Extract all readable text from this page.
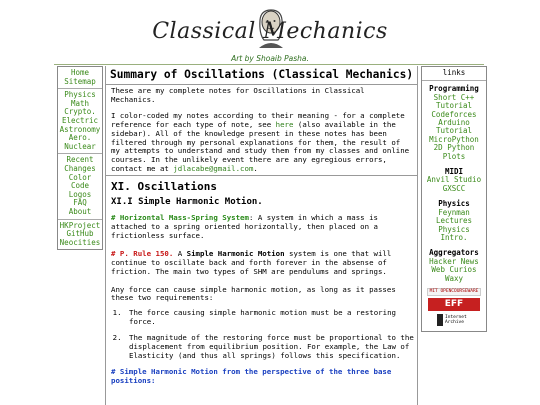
Classical Mechanics
Art by Shoaib Pasha.
Home
Sitemap
Physics
Math
Crypto.
Electric
Astronomy
Aero.
Nuclear
Recent
Changes
Color
Code
Logos
FAQ
About
HKProject
GitHub
Neocities
Summary of Oscillations (Classical Mechanics)

These are my complete notes for Oscillations in Classical Mechanics.

I color-coded my notes according to their meaning - for a complete reference for each type of note, see here (also available in the sidebar). All of the knowledge present in these notes has been filtered through my personal explanations for them, the result of my attempts to understand and study them from my classes and online courses. In the unlikely event there are any egregious errors, contact me at jdlacabe@gmail.com.

XI. Oscillations
XI.I Simple Harmonic Motion.

# Horizontal Mass-Spring System: A system in which a mass is attached to a spring oriented horizontally, then placed on a frictionless surface.

# P. Rule 150. A Simple Harmonic Motion system is one that will continue to oscillate back and forth forever in the absense of friction. The main two types of SHM are pendulums and springs.

Any force can cause simple harmonic motion, as long as it passes these two requirements:

1. The force causing simple harmonic motion must be a restoring force.
2. The magnitude of the restoring force must be proportional to the displacement from equilibrium position. For example, the Law of Elasticity (and thus all springs) follows this specification.

# Simple Harmonic Motion from the perspective of the three base positions:

links
Programming
Short C++
Tutorial
Codeforces
Arduino
Tutorial
MicroPython
2D Python
Plots
MIDI
Anvil Studio
GXSCC
Physics
Feynman
Lectures
Physics
Intro.
Aggregators
Hacker News
Web Curios
Waxy
MIT OPENCOURSEWARE
EFF
Internet Archive
